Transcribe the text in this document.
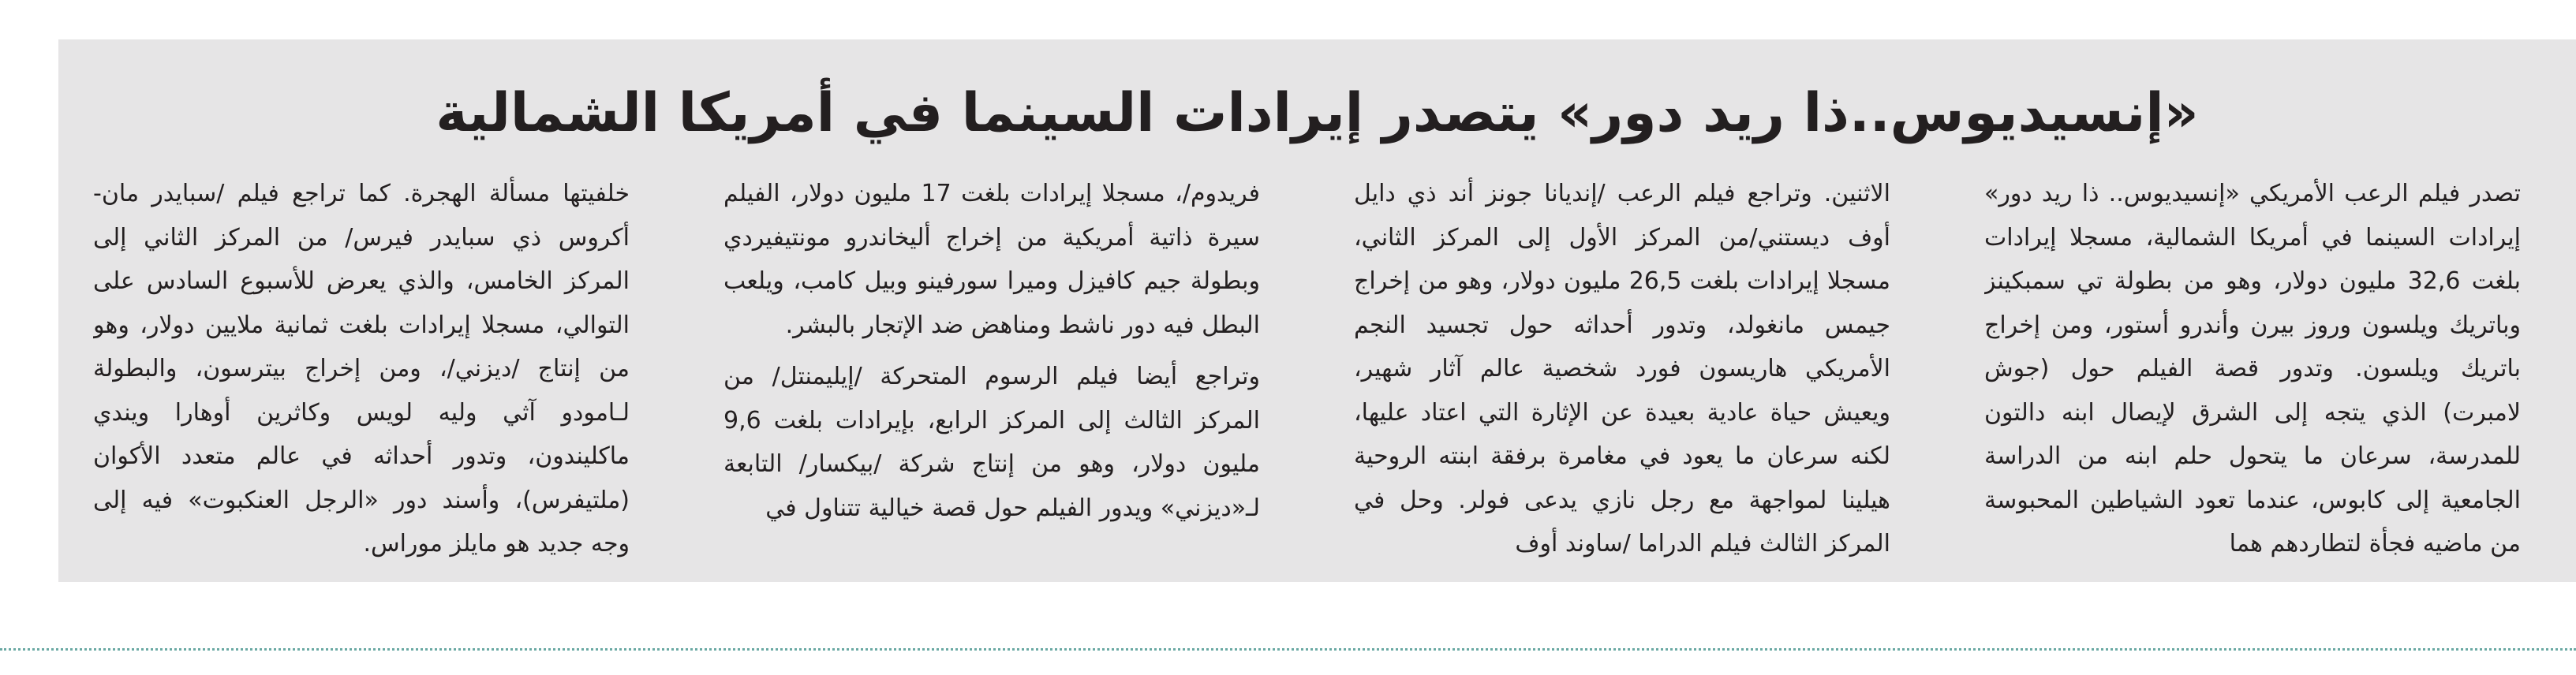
«إنسيديوس..ذا ريد دور» يتصدر إيرادات السينما في أمريكا الشمالية

تصدر فيلم الرعب الأمريكي «إنسيديوس.. ذا ريد دور» إيرادات السينما في أمريكا الشمالية، مسجلا إيرادات بلغت 32,6 مليون دولار، وهو من بطولة تي سمبكينز وباتريك ويلسون وروز بيرن وأندرو أستور، ومن إخراج باتريك ويلسون. وتدور قصة الفيلم حول (جوش لامبرت) الذي يتجه إلى الشرق لإيصال ابنه دالتون للمدرسة، سرعان ما يتحول حلم ابنه من الدراسة الجامعية إلى كابوس، عندما تعود الشياطين المحبوسة من ماضيه فجأة لتطاردهم هما

الاثنين. وتراجع فيلم الرعب /إنديانا جونز أند ذي دايل أوف ديستني/من المركز الأول إلى المركز الثاني، مسجلا إيرادات بلغت 26,5 مليون دولار، وهو من إخراج جيمس مانغولد، وتدور أحداثه حول تجسيد النجم الأمريكي هاريسون فورد شخصية عالم آثار شهير، ويعيش حياة عادية بعيدة عن الإثارة التي اعتاد عليها، لكنه سرعان ما يعود في مغامرة برفقة ابنته الروحية هيلينا لمواجهة مع رجل نازي يدعى فولر. وحل في المركز الثالث فيلم الدراما /ساوند أوف

فريدوم/، مسجلا إيرادات بلغت 17 مليون دولار، الفيلم سيرة ذاتية أمريكية من إخراج أليخاندرو مونتيفيردي وبطولة جيم كافيزل وميرا سورفينو وبيل كامب، ويلعب البطل فيه دور ناشط ومناهض ضد الإتجار بالبشر.

وتراجع أيضا فيلم الرسوم المتحركة /إيليمنتل/ من المركز الثالث إلى المركز الرابع، بإيرادات بلغت 9,6 مليون دولار، وهو من إنتاج شركة /بيكسار/ التابعة لـ«ديزني» ويدور الفيلم حول قصة خيالية تتناول في

خلفيتها مسألة الهجرة. كما تراجع فيلم /سبايدر مان- أكروس ذي سبايدر فيرس/ من المركز الثاني إلى المركز الخامس، والذي يعرض للأسبوع السادس على التوالي، مسجلا إيرادات بلغت ثمانية ملايين دولار، وهو من إنتاج /ديزني/، ومن إخراج بيترسون، والبطولة لـامودو آثي وليه لويس وكاثرين أوهارا ويندي ماكليندون، وتدور أحداثه في عالم متعدد الأكوان (ملتيفرس)، وأسند دور «الرجل العنكبوت» فيه إلى وجه جديد هو مايلز موراس.
